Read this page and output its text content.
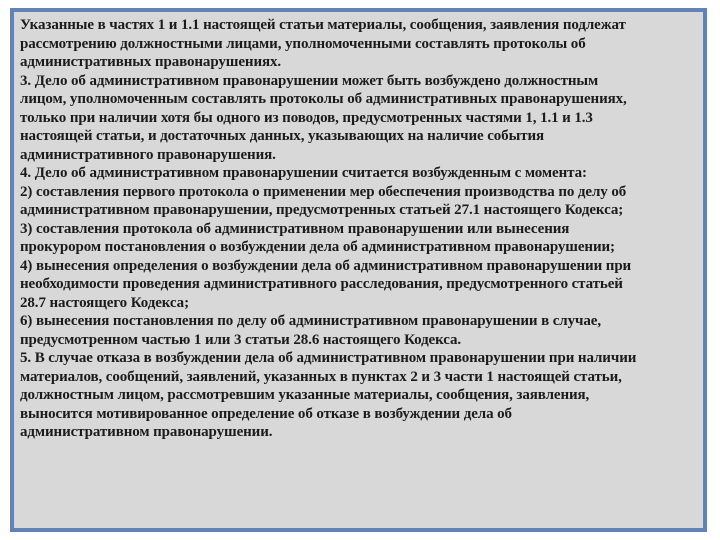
Указанные в частях 1 и 1.1 настоящей статьи материалы, сообщения, заявления подлежат
рассмотрению должностными лицами, уполномоченными составлять протоколы об
административных правонарушениях.
3. Дело об административном правонарушении может быть возбуждено должностным
лицом, уполномоченным составлять протоколы об административных правонарушениях,
только при наличии хотя бы одного из поводов, предусмотренных частями 1, 1.1 и 1.3
настоящей статьи, и достаточных данных, указывающих на наличие события
административного правонарушения.
4. Дело об административном правонарушении считается возбужденным с момента:
2) составления первого протокола о применении мер обеспечения производства по делу об
административном правонарушении, предусмотренных статьей 27.1 настоящего Кодекса;
3) составления протокола об административном правонарушении или вынесения
прокурором постановления о возбуждении дела об административном правонарушении;
4) вынесения определения о возбуждении дела об административном правонарушении при
необходимости проведения административного расследования, предусмотренного статьей
28.7 настоящего Кодекса;
6) вынесения постановления по делу об административном правонарушении в случае,
предусмотренном частью 1 или 3 статьи 28.6 настоящего Кодекса.
5. В случае отказа в возбуждении дела об административном правонарушении при наличии
материалов, сообщений, заявлений, указанных в пунктах 2 и 3 части 1 настоящей статьи,
должностным лицом, рассмотревшим указанные материалы, сообщения, заявления,
выносится мотивированное определение об отказе в возбуждении дела об
административном правонарушении.
